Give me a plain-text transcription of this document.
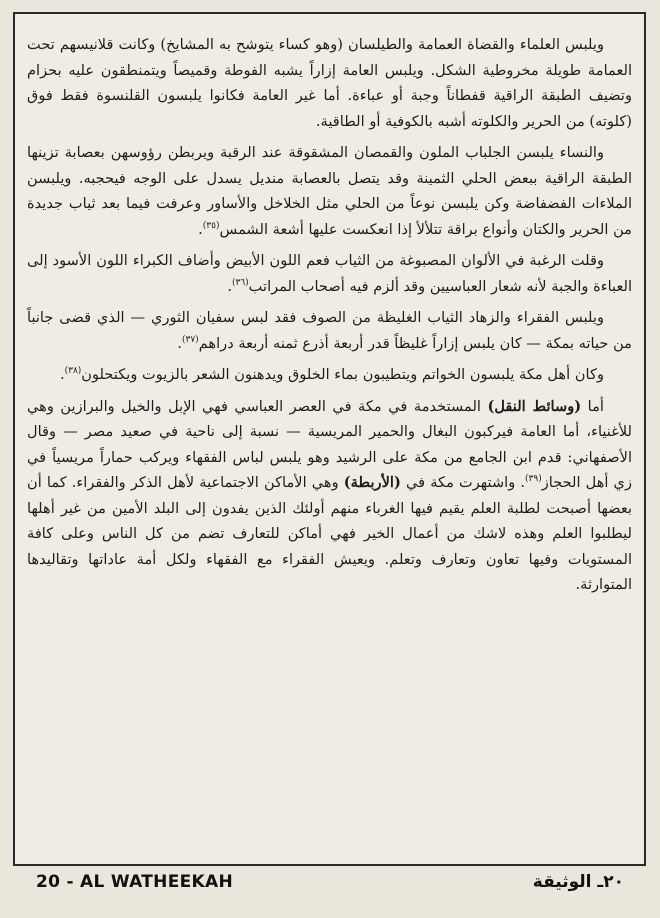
ويلبس العلماء والقضاة العمامة والطيلسان (وهو كساء يتوشح به المشايخ) وكانت قلانيسهم تحت العمامة طويلة مخروطية الشكل. ويلبس العامة إزاراً يشبه الفوطة وقميصاً ويتمنطقون عليه بحزام وتضيف الطبقة الراقية قفطاناً وجبة أو عباءة. أما غير العامة فكانوا يلبسون القلنسوة فقط فوق (كلوته) من الحرير والكلوته أشبه بالكوفية أو الطاقية.

والنساء يلبسن الجلباب الملون والقمصان المشقوقة عند الرقبة ويربطن رؤوسهن بعصابة تزينها الطبقة الراقية ببعض الحلي الثمينة وقد يتصل بالعصابة منديل يسدل على الوجه فيحجبه. ويلبسن الملاءات الفضفاضة وكن يلبسن نوعاً من الحلي مثل الخلاخل والأساور وعرفت فيما بعد ثياب جديدة من الحرير والكتان وأنواع براقة تتلألأ إذا انعكست عليها أشعة الشمس$^{(٣٥)}$.

وقلت الرغبة في الألوان المصبوغة من الثياب فعم اللون الأبيض وأضاف الكبراء اللون الأسود إلى العباءة والجبة لأنه شعار العباسيين وقد ألزم فيه أصحاب المراتب$^{(٣٦)}$.

ويلبس الفقراء والزهاد الثياب الغليظة من الصوف فقد لبس سفيان الثوري — الذي قضى جانباً من حياته بمكة — كان يلبس إزاراً غليظاً قدر أربعة أذرع ثمنه أربعة دراهم$^{(٣٧)}$.

وكان أهل مكة يلبسون الخواتم ويتطيبون بماء الخلوق ويدهنون الشعر بالزيوت ويكتحلون$^{(٣٨)}$.

أما (وسائط النقل) المستخدمة في مكة في العصر العباسي فهي الإبل والخيل والبرازين وهي للأغنياء، أما العامة فيركبون البغال والحمير المريسية — نسبة إلى ناحية في صعيد مصر — وقال الأصفهاني: قدم ابن الجامع من مكة على الرشيد وهو يلبس لباس الفقهاء ويركب حماراً مريسياً في زي أهل الحجاز$^{(٣٩)}$. واشتهرت مكة في (الأربطة) وهي الأماكن الاجتماعية لأهل الذكر والفقراء. كما أن بعضها أصبحت لطلبة العلم يقيم فيها الغرباء منهم أولئك الذين يفدون إلى البلد الأمين من غير أهلها ليطلبوا العلم وهذه لاشك من أعمال الخير فهي أماكن للتعارف تضم من كل الناس وعلى كافة المستويات وفيها تعاون وتعارف وتعلم. ويعيش الفقراء مع الفقهاء ولكل أمة عاداتها وتقاليدها المتوارثة.

20 - AL WATHEEKAH	٢٠ـ الوثيقة
